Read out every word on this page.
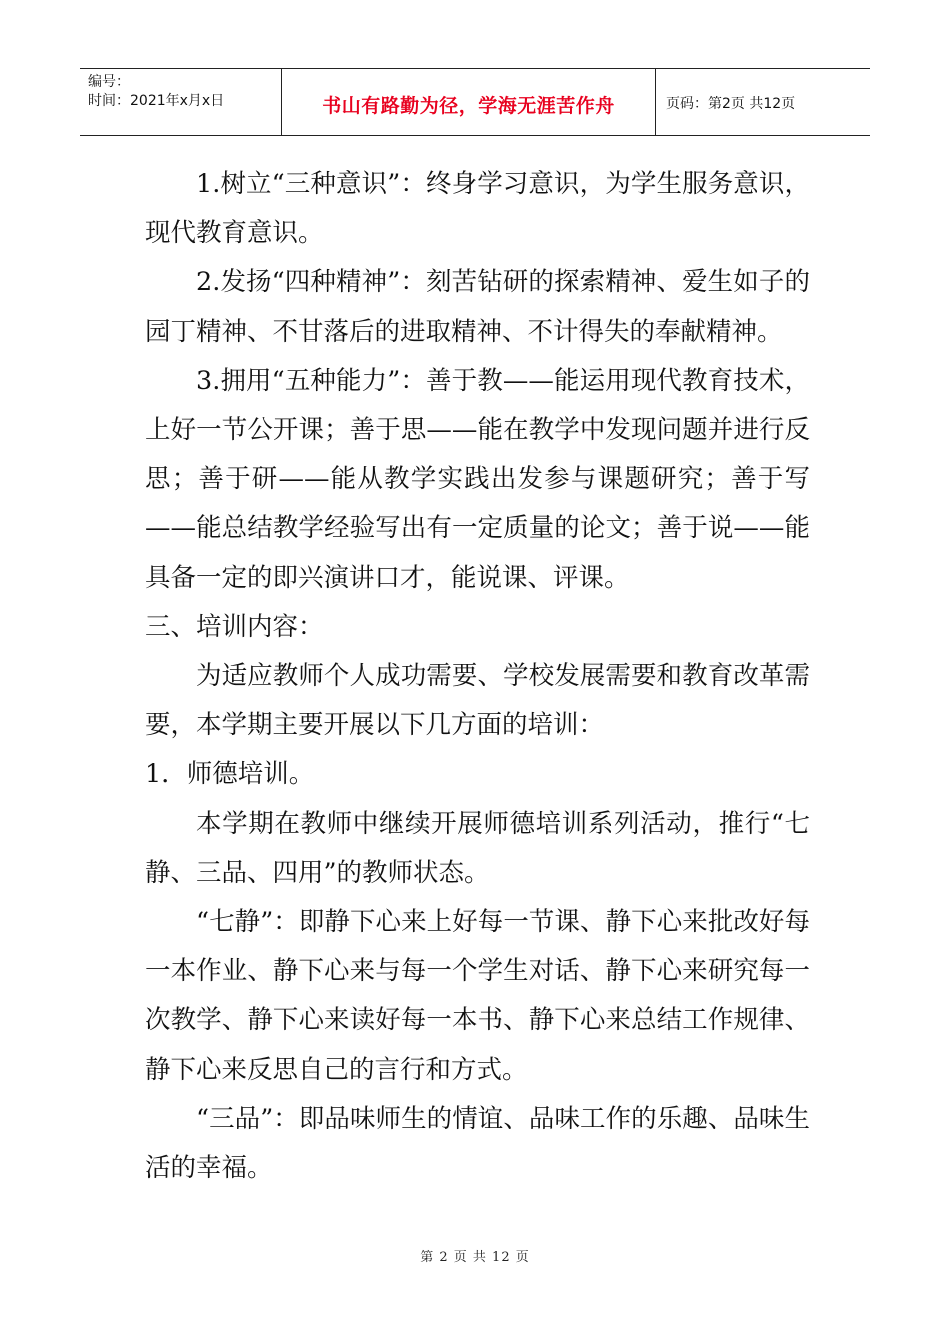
编号：
时间：2021年x月x日	书山有路勤为径，学海无涯苦作舟	页码：第2页 共12页

1.树立“三种意识”：终身学习意识，为学生服务意识，现代教育意识。

2.发扬“四种精神”：刻苦钻研的探索精神、爱生如子的园丁精神、不甘落后的进取精神、不计得失的奉献精神。

3.拥用“五种能力”：善于教——能运用现代教育技术，上好一节公开课；善于思——能在教学中发现问题并进行反思；善于研——能从教学实践出发参与课题研究；善于写——能总结教学经验写出有一定质量的论文；善于说——能具备一定的即兴演讲口才，能说课、评课。

三、培训内容：

为适应教师个人成功需要、学校发展需要和教育改革需要，本学期主要开展以下几方面的培训：

1．师德培训。

本学期在教师中继续开展师德培训系列活动，推行“七静、三品、四用”的教师状态。

“七静”：即静下心来上好每一节课、静下心来批改好每一本作业、静下心来与每一个学生对话、静下心来研究每一次教学、静下心来读好每一本书、静下心来总结工作规律、静下心来反思自己的言行和方式。

“三品”：即品味师生的情谊、品味工作的乐趣、品味生活的幸福。

第 2 页 共 12 页
